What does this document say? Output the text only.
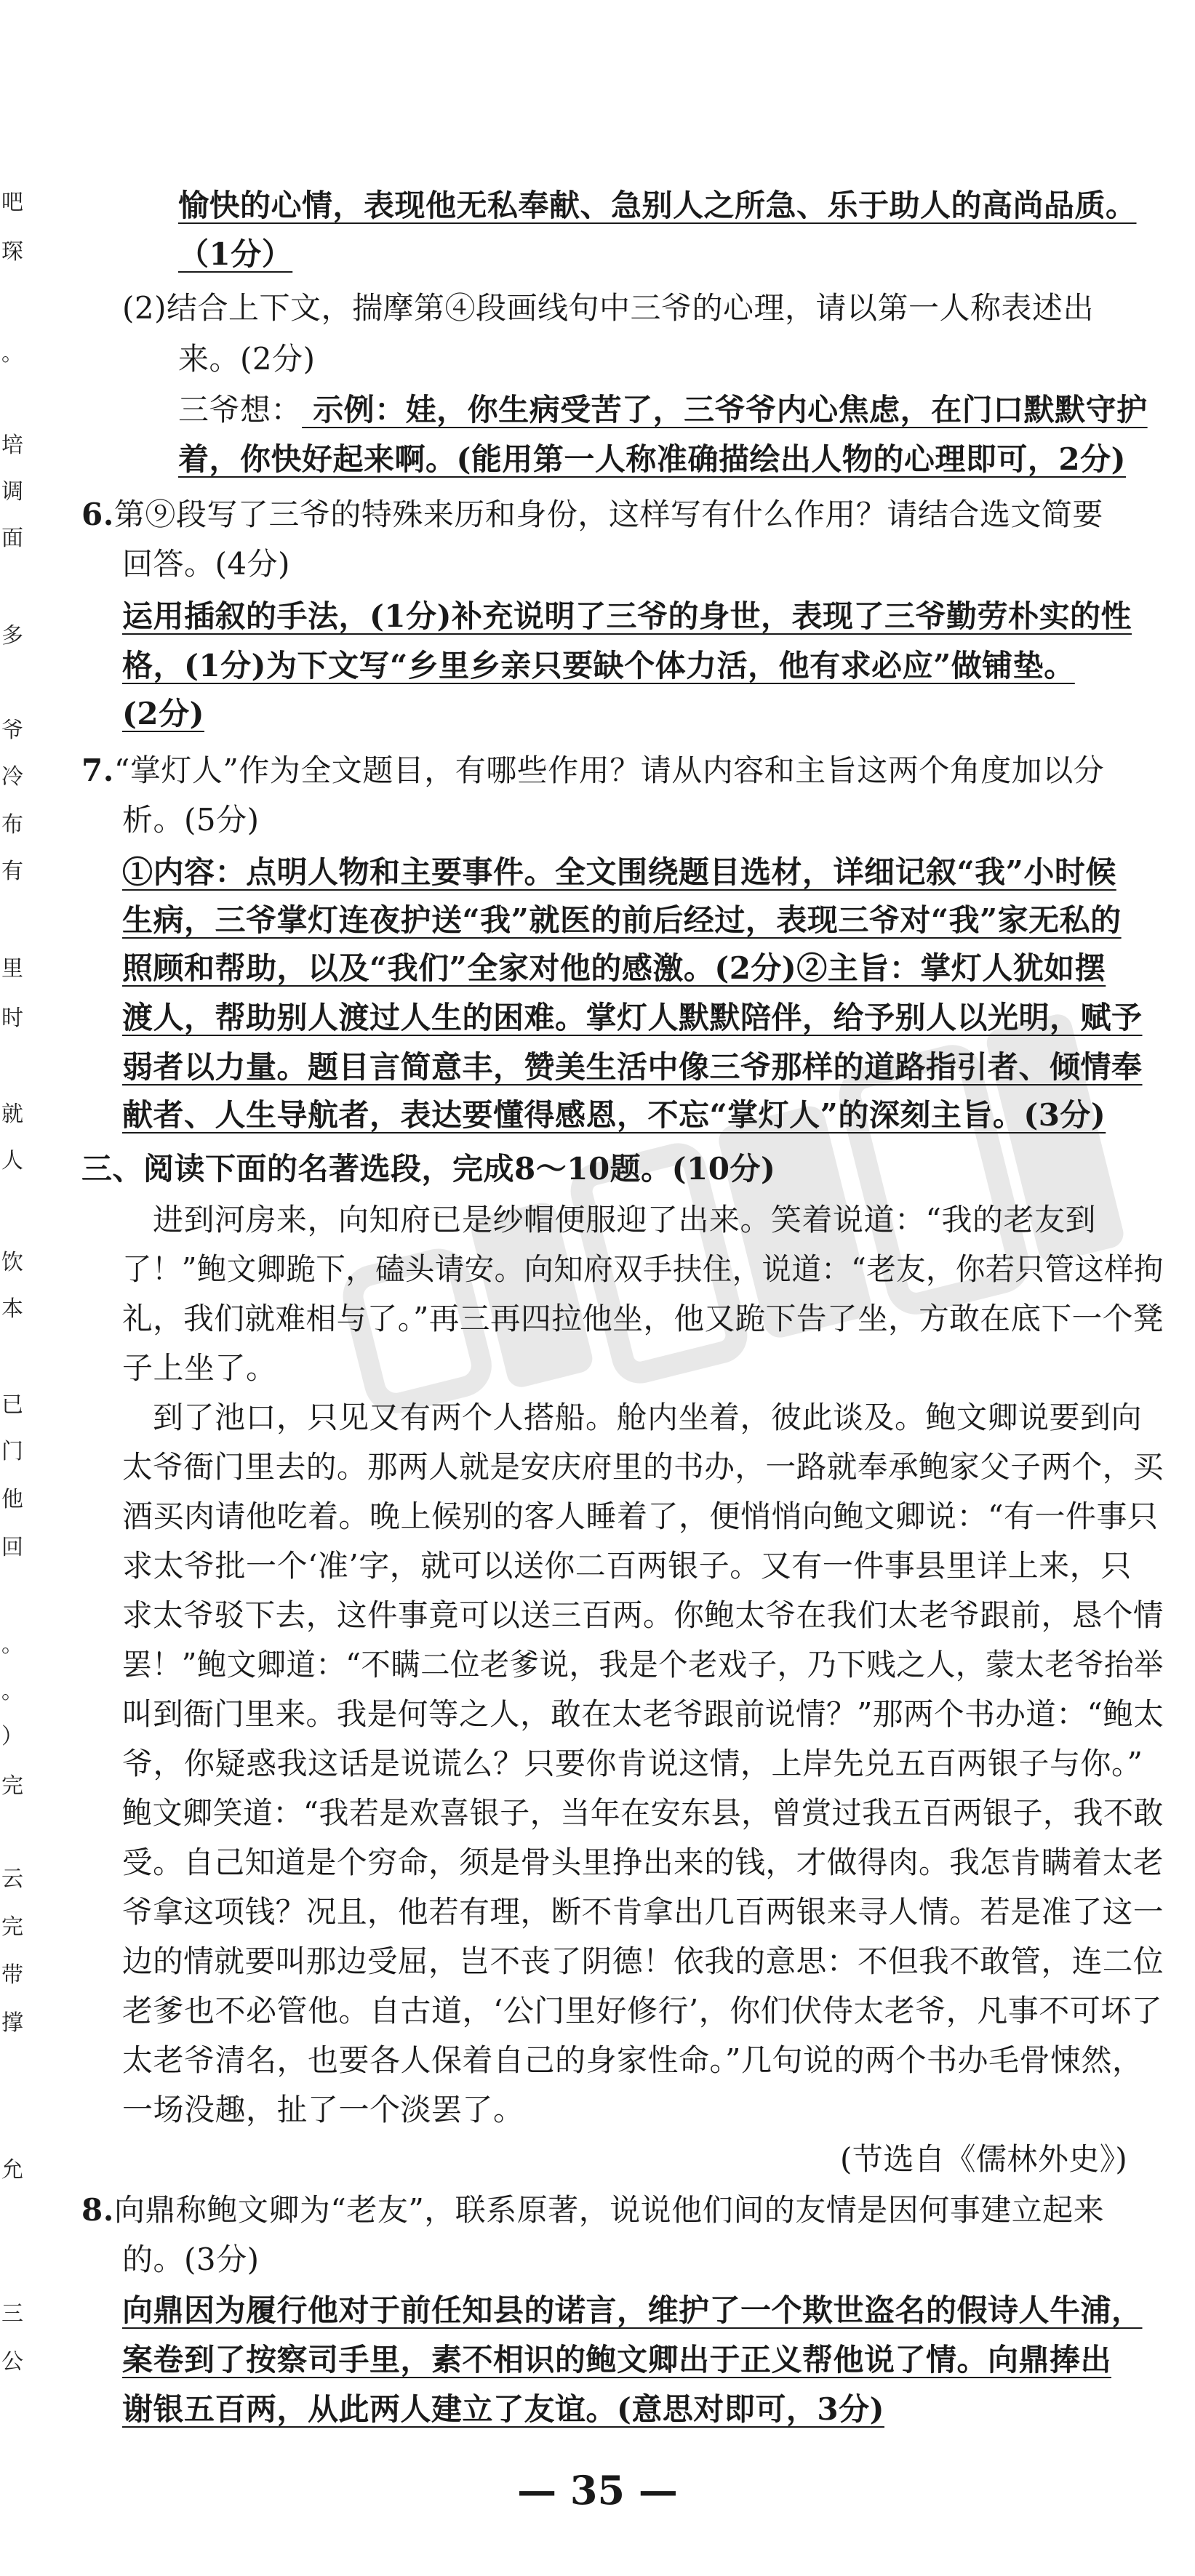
吧
琛
。
培
调
面
多
爷
冷
布
有
里
时
就
人
饮
本
已
门
他
回
。
。
）
完
云
完
带
撑
允
三
公
愉快的心情，表现他无私奉献、急别人之所急、乐于助人的高尚品质。
（1分）
(2)结合上下文，揣摩第④段画线句中三爷的心理，请以第一人称表述出
来。(2分)
三爷想： 示例：娃，你生病受苦了，三爷爷内心焦虑，在门口默默守护
着，你快好起来啊。(能用第一人称准确描绘出人物的心理即可，2分)
6.第⑨段写了三爷的特殊来历和身份，这样写有什么作用？请结合选文简要
回答。(4分)
运用插叙的手法，(1分)补充说明了三爷的身世，表现了三爷勤劳朴实的性
格，(1分)为下文写“乡里乡亲只要缺个体力活，他有求必应”做铺垫。
(2分)
7.“掌灯人”作为全文题目，有哪些作用？请从内容和主旨这两个角度加以分
析。(5分)
①内容：点明人物和主要事件。全文围绕题目选材，详细记叙“我”小时候
生病，三爷掌灯连夜护送“我”就医的前后经过，表现三爷对“我”家无私的
照顾和帮助，以及“我们”全家对他的感激。(2分)②主旨：掌灯人犹如摆
渡人，帮助别人渡过人生的困难。掌灯人默默陪伴，给予别人以光明，赋予
弱者以力量。题目言简意丰，赞美生活中像三爷那样的道路指引者、倾情奉
献者、人生导航者，表达要懂得感恩，不忘“掌灯人”的深刻主旨。(3分)
三、阅读下面的名著选段，完成8～10题。(10分)
进到河房来，向知府已是纱帽便服迎了出来。笑着说道：“我的老友到
了！”鲍文卿跪下，磕头请安。向知府双手扶住，说道：“老友，你若只管这样拘
礼，我们就难相与了。”再三再四拉他坐，他又跪下告了坐，方敢在底下一个凳
子上坐了。
到了池口，只见又有两个人搭船。舱内坐着，彼此谈及。鲍文卿说要到向
太爷衙门里去的。那两人就是安庆府里的书办，一路就奉承鲍家父子两个，买
酒买肉请他吃着。晚上候别的客人睡着了，便悄悄向鲍文卿说：“有一件事只
求太爷批一个‘准’字，就可以送你二百两银子。又有一件事县里详上来，只
求太爷驳下去，这件事竟可以送三百两。你鲍太爷在我们太老爷跟前，恳个情
罢！”鲍文卿道：“不瞒二位老爹说，我是个老戏子，乃下贱之人，蒙太老爷抬举
叫到衙门里来。我是何等之人，敢在太老爷跟前说情？”那两个书办道：“鲍太
爷，你疑惑我这话是说谎么？只要你肯说这情，上岸先兑五百两银子与你。”
鲍文卿笑道：“我若是欢喜银子，当年在安东县，曾赏过我五百两银子，我不敢
受。自己知道是个穷命，须是骨头里挣出来的钱，才做得肉。我怎肯瞒着太老
爷拿这项钱？况且，他若有理，断不肯拿出几百两银来寻人情。若是准了这一
边的情就要叫那边受屈，岂不丧了阴德！依我的意思：不但我不敢管，连二位
老爹也不必管他。自古道，‘公门里好修行’，你们伏侍太老爷，凡事不可坏了
太老爷清名，也要各人保着自己的身家性命。”几句说的两个书办毛骨悚然，
一场没趣，扯了一个淡罢了。
(节选自《儒林外史》)
8.向鼎称鲍文卿为“老友”，联系原著，说说他们间的友情是因何事建立起来
的。(3分)
向鼎因为履行他对于前任知县的诺言，维护了一个欺世盗名的假诗人牛浦，
案卷到了按察司手里，素不相识的鲍文卿出于正义帮他说了情。向鼎捧出
谢银五百两，从此两人建立了友谊。(意思对即可，3分)
— 35 —
